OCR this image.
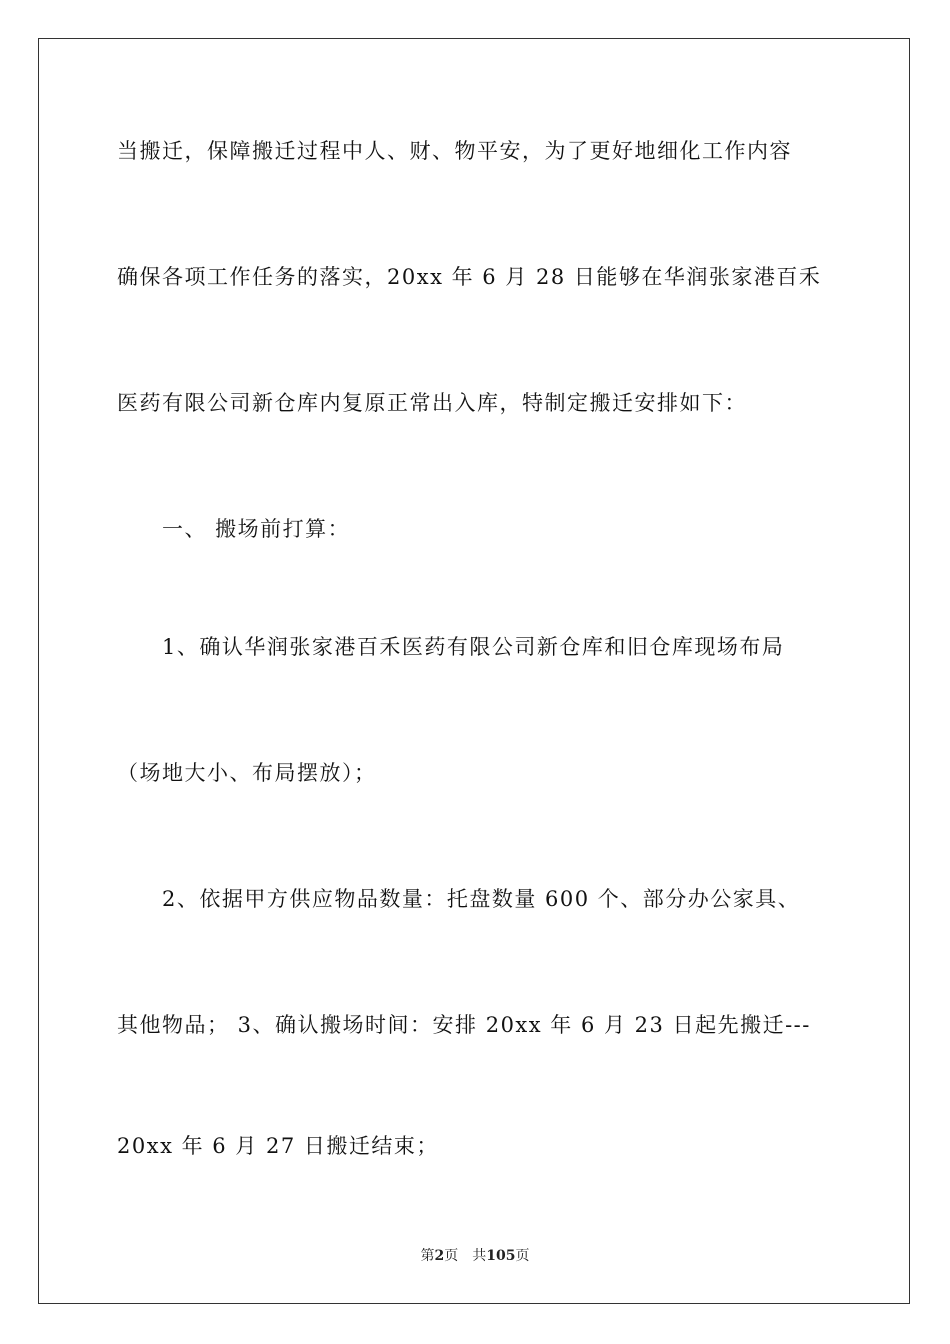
当搬迁，保障搬迁过程中人、财、物平安，为了更好地细化工作内容
确保各项工作任务的落实，20xx 年 6 月 28 日能够在华润张家港百禾
医药有限公司新仓库内复原正常出入库，特制定搬迁安排如下：
一、 搬场前打算：
1、确认华润张家港百禾医药有限公司新仓库和旧仓库现场布局
（场地大小、布局摆放）；
2、依据甲方供应物品数量：托盘数量 600 个、部分办公家具、
其他物品； 3、确认搬场时间：安排 20xx 年 6 月 23 日起先搬迁---
20xx 年 6 月 27 日搬迁结束；
第2页 共105页
